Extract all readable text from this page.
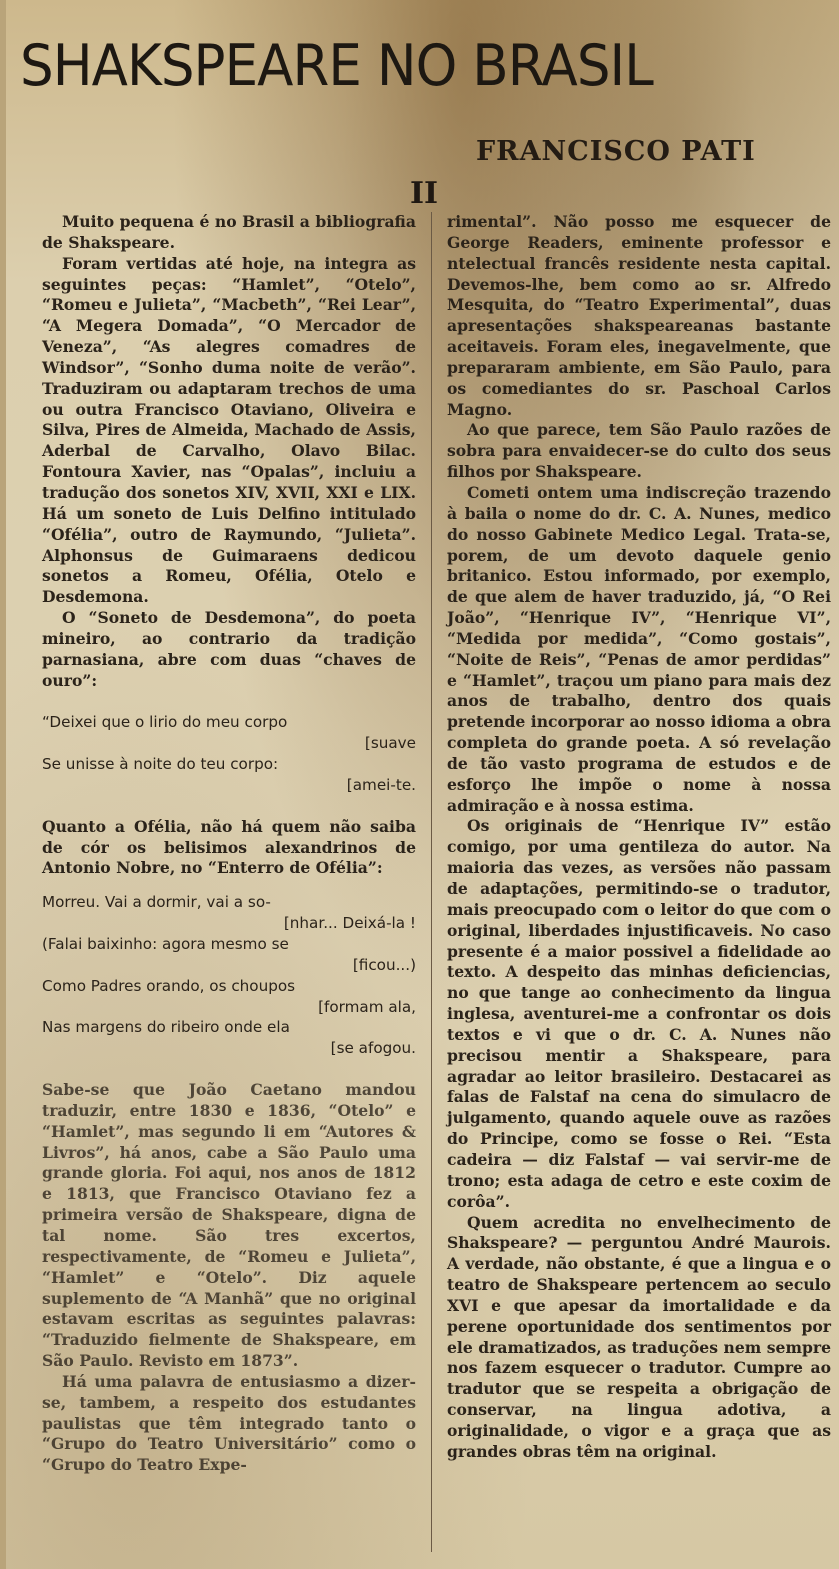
SHAKSPEARE NO BRASIL
FRANCISCO PATI
II

Muito pequena é no Brasil a bibliografia de Shakspeare.

Foram vertidas até hoje, na integra as seguintes peças: “Hamlet”, “Otelo”, “Romeu e Julieta”, “Macbeth”, “Rei Lear”, “A Megera Domada”, “O Mercador de Veneza”, “As alegres comadres de Windsor”, “Sonho duma noite de verão”. Traduziram ou adaptaram trechos de uma ou outra Francisco Otaviano, Oliveira e Silva, Pires de Almeida, Machado de Assis, Aderbal de Carvalho, Olavo Bilac. Fontoura Xavier, nas “Opalas”, incluiu a tradução dos sonetos XIV, XVII, XXI e LIX. Há um soneto de Luis Delfino intitulado “Ofélia”, outro de Raymundo, “Julieta”. Alphonsus de Guimaraens dedicou sonetos a Romeu, Ofélia, Otelo e Desdemona.

O “Soneto de Desdemona”, do poeta mineiro, ao contrario da tradição parnasiana, abre com duas “chaves de ouro”:

“Deixei que o lirio do meu corpo
[suave
Se unisse à noite do teu corpo:
[amei-te.

Quanto a Ofélia, não há quem não saiba de cór os belisimos alexandrinos de Antonio Nobre, no “Enterro de Ofélia”:

Morreu. Vai a dormir, vai a so-
[nhar... Deixá-la !
(Falai baixinho: agora mesmo se
[ficou...)
Como Padres orando, os choupos
[formam ala,
Nas margens do ribeiro onde ela
[se afogou.

Sabe-se que João Caetano mandou traduzir, entre 1830 e 1836, “Otelo” e “Hamlet”, mas segundo li em “Autores & Livros”, há anos, cabe a São Paulo uma grande gloria. Foi aqui, nos anos de 1812 e 1813, que Francisco Otaviano fez a primeira versão de Shakspeare, digna de tal nome. São tres excertos, respectivamente, de “Romeu e Julieta”, “Hamlet” e “Otelo”. Diz aquele suplemento de “A Manhã” que no original estavam escritas as seguintes palavras: “Traduzido fielmente de Shakspeare, em São Paulo. Revisto em 1873”.

Há uma palavra de entusiasmo a dizer-se, tambem, a respeito dos estudantes paulistas que têm integrado tanto o “Grupo do Teatro Universitário” como o “Grupo do Teatro Expe-

rimental”. Não posso me esquecer de George Readers, eminente professor e ntelectual francês residente nesta capital. Devemos-lhe, bem como ao sr. Alfredo Mesquita, do “Teatro Experimental”, duas apresentações shakspeareanas bastante aceitaveis. Foram eles, inegavelmente, que prepararam ambiente, em São Paulo, para os comediantes do sr. Paschoal Carlos Magno.

Ao que parece, tem São Paulo razões de sobra para envaidecer-se do culto dos seus filhos por Shakspeare.

Cometi ontem uma indiscreção trazendo à baila o nome do dr. C. A. Nunes, medico do nosso Gabinete Medico Legal. Trata-se, porem, de um devoto daquele genio britanico. Estou informado, por exemplo, de que alem de haver traduzido, já, “O Rei João”, “Henrique IV”, “Henrique VI”, “Medida por medida”, “Como gostais”, “Noite de Reis”, “Penas de amor perdidas” e “Hamlet”, traçou um piano para mais dez anos de trabalho, dentro dos quais pretende incorporar ao nosso idioma a obra completa do grande poeta. A só revelação de tão vasto programa de estudos e de esforço lhe impõe o nome à nossa admiração e à nossa estima.

Os originais de “Henrique IV” estão comigo, por uma gentileza do autor. Na maioria das vezes, as versões não passam de adaptações, permitindo-se o tradutor, mais preocupado com o leitor do que com o original, liberdades injustificaveis. No caso presente é a maior possivel a fidelidade ao texto. A despeito das minhas deficiencias, no que tange ao conhecimento da lingua inglesa, aventurei-me a confrontar os dois textos e vi que o dr. C. A. Nunes não precisou mentir a Shakspeare, para agradar ao leitor brasileiro. Destacarei as falas de Falstaf na cena do simulacro de julgamento, quando aquele ouve as razões do Principe, como se fosse o Rei. “Esta cadeira — diz Falstaf — vai servir-me de trono; esta adaga de cetro e este coxim de corôa”.

Quem acredita no envelhecimento de Shakspeare? — perguntou André Maurois. A verdade, não obstante, é que a lingua e o teatro de Shakspeare pertencem ao seculo XVI e que apesar da imortalidade e da perene oportunidade dos sentimentos por ele dramatizados, as traduções nem sempre nos fazem esquecer o tradutor. Cumpre ao tradutor que se respeita a obrigação de conservar, na lingua adotiva, a originalidade, o vigor e a graça que as grandes obras têm na original.
